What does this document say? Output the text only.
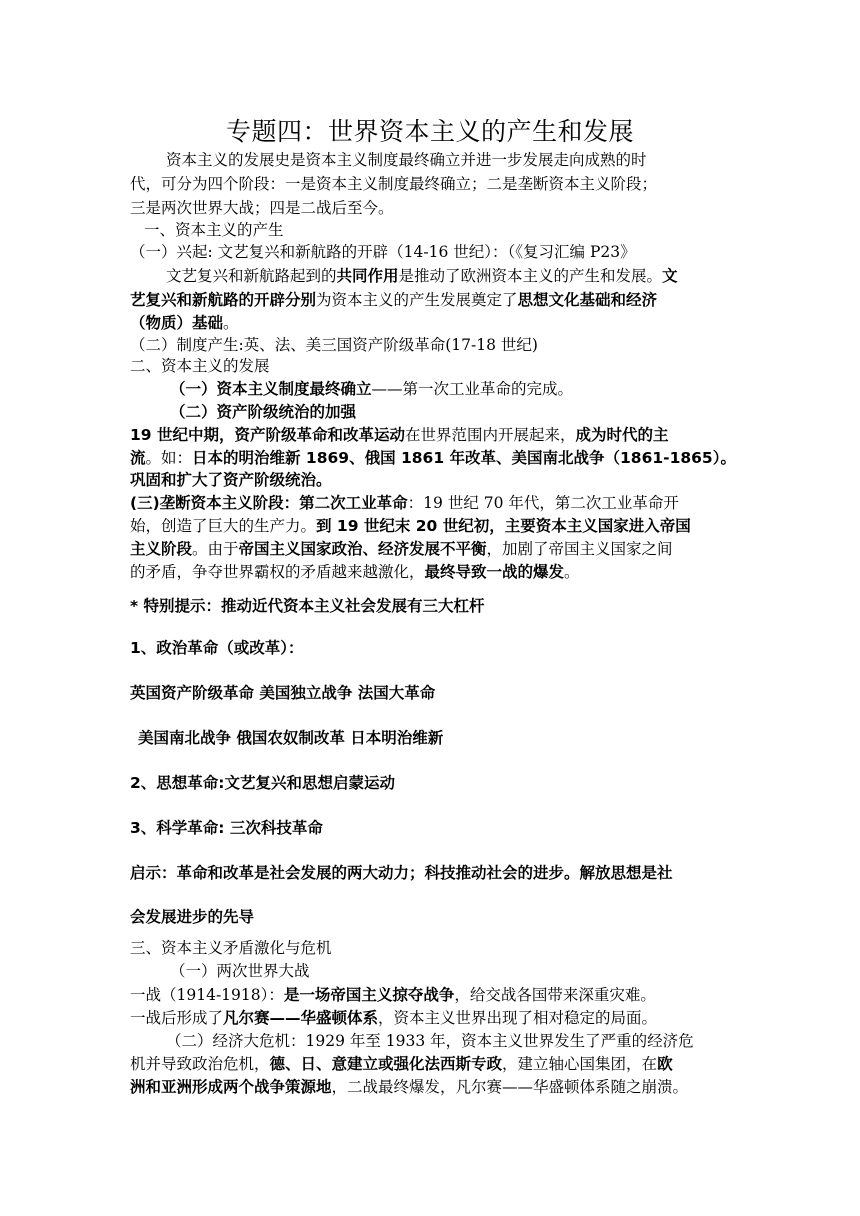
专题四：世界资本主义的产生和发展
资本主义的发展史是资本主义制度最终确立并进一步发展走向成熟的时
代，可分为四个阶段：一是资本主义制度最终确立；二是垄断资本主义阶段；
三是两次世界大战；四是二战后至今。
一、资本主义的产生
（一）兴起: 文艺复兴和新航路的开辟（14-16 世纪）：（《复习汇编 P23》
文艺复兴和新航路起到的共同作用是推动了欧洲资本主义的产生和发展。文
艺复兴和新航路的开辟分别为资本主义的产生发展奠定了思想文化基础和经济
（物质）基础。
（二）制度产生:英、法、美三国资产阶级革命(17-18 世纪)
二、资本主义的发展
（一）资本主义制度最终确立——第一次工业革命的完成。
（二）资产阶级统治的加强
19 世纪中期，资产阶级革命和改革运动在世界范围内开展起来，成为时代的主
流。如：日本的明治维新 1869、俄国 1861 年改革、美国南北战争（1861-1865）。
巩固和扩大了资产阶级统治。
(三)垄断资本主义阶段：第二次工业革命：19 世纪 70 年代，第二次工业革命开
始，创造了巨大的生产力。到 19 世纪末 20 世纪初，主要资本主义国家进入帝国
主义阶段。由于帝国主义国家政治、经济发展不平衡，加剧了帝国主义国家之间
的矛盾，争夺世界霸权的矛盾越来越激化，最终导致一战的爆发。
* 特别提示：推动近代资本主义社会发展有三大杠杆
1、政治革命（或改革）：
英国资产阶级革命 美国独立战争 法国大革命
美国南北战争 俄国农奴制改革 日本明治维新
2、思想革命:文艺复兴和思想启蒙运动
3、科学革命: 三次科技革命
启示：革命和改革是社会发展的两大动力；科技推动社会的进步。解放思想是社
会发展进步的先导
三、资本主义矛盾激化与危机
（一）两次世界大战
一战（1914-1918）：是一场帝国主义掠夺战争，给交战各国带来深重灾难。
一战后形成了凡尔赛——华盛顿体系，资本主义世界出现了相对稳定的局面。
（二）经济大危机：1929 年至 1933 年，资本主义世界发生了严重的经济危
机并导致政治危机，德、日、意建立或强化法西斯专政，建立轴心国集团，在欧
洲和亚洲形成两个战争策源地，二战最终爆发，凡尔赛——华盛顿体系随之崩溃。
